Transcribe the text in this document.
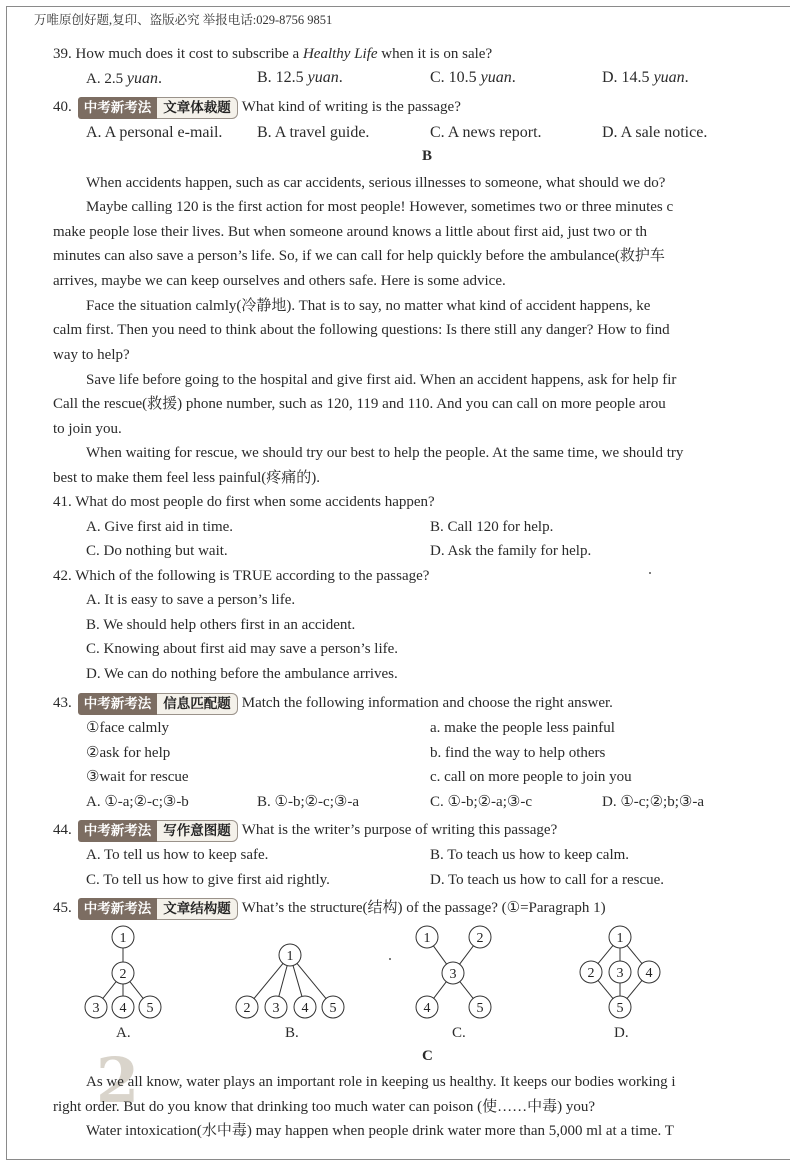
万唯原创好题,复印、盗版必究 举报电话:029-8756 9851
39. How much does it cost to subscribe a Healthy Life when it is on sale?
A. 2.5 yuan.	B. 12.5 yuan.	C. 10.5 yuan.	D. 14.5 yuan.
40. 中考新考法 文章体裁题 What kind of writing is the passage?
A. A personal e-mail. B. A travel guide.	C. A news report.	D. A sale notice.
B
When accidents happen, such as car accidents, serious illnesses to someone, what should we do?
Maybe calling 120 is the first action for most people! However, sometimes two or three minutes c
make people lose their lives. But when someone around knows a little about first aid, just two or th
minutes can also save a person’s life. So, if we can call for help quickly before the ambulance(救护车
arrives, maybe we can keep ourselves and others safe. Here is some advice.
Face the situation calmly(冷静地). That is to say, no matter what kind of accident happens, ke
calm first. Then you need to think about the following questions: Is there still any danger? How to find
way to help?
Save life before going to the hospital and give first aid. When an accident happens, ask for help fir
Call the rescue(救援) phone number, such as 120, 119 and 110. And you can call on more people arou
to join you.
When waiting for rescue, we should try our best to help the people. At the same time, we should try
best to make them feel less painful(疼痛的).
41. What do most people do first when some accidents happen?
A. Give first aid in time.	B. Call 120 for help.
C. Do nothing but wait.	D. Ask the family for help.
42. Which of the following is TRUE according to the passage?
A. It is easy to save a person’s life.
B. We should help others first in an accident.
C. Knowing about first aid may save a person’s life.
D. We can do nothing before the ambulance arrives.
43. 中考新考法 信息匹配题 Match the following information and choose the right answer.
①face calmly	a. make the people less painful
②ask for help	b. find the way to help others
③wait for rescue	c. call on more people to join you
A. ①-a;②-c;③-b	B. ①-b;②-c;③-a	C. ①-b;②-a;③-c	D. ①-c;②;b;③-a
44. 中考新考法 写作意图题 What is the writer’s purpose of writing this passage?
A. To tell us how to keep safe.	B. To teach us how to keep calm.
C. To tell us how to give first aid rightly.	D. To teach us how to call for a rescue.
45. 中考新考法 文章结构题 What’s the structure(结构) of the passage? (①=Paragraph 1)
1
2
3 4 5
1
2 3 4 5
1	2
3
4	5
1
2 3 4
5
A.	B.	C.	D.
2	C
As we all know, water plays an important role in keeping us healthy. It keeps our bodies working i
right order. But do you know that drinking too much water can poison (使……中毒) you?
Water intoxication(水中毒) may happen when people drink water more than 5,000 ml at a time. T
